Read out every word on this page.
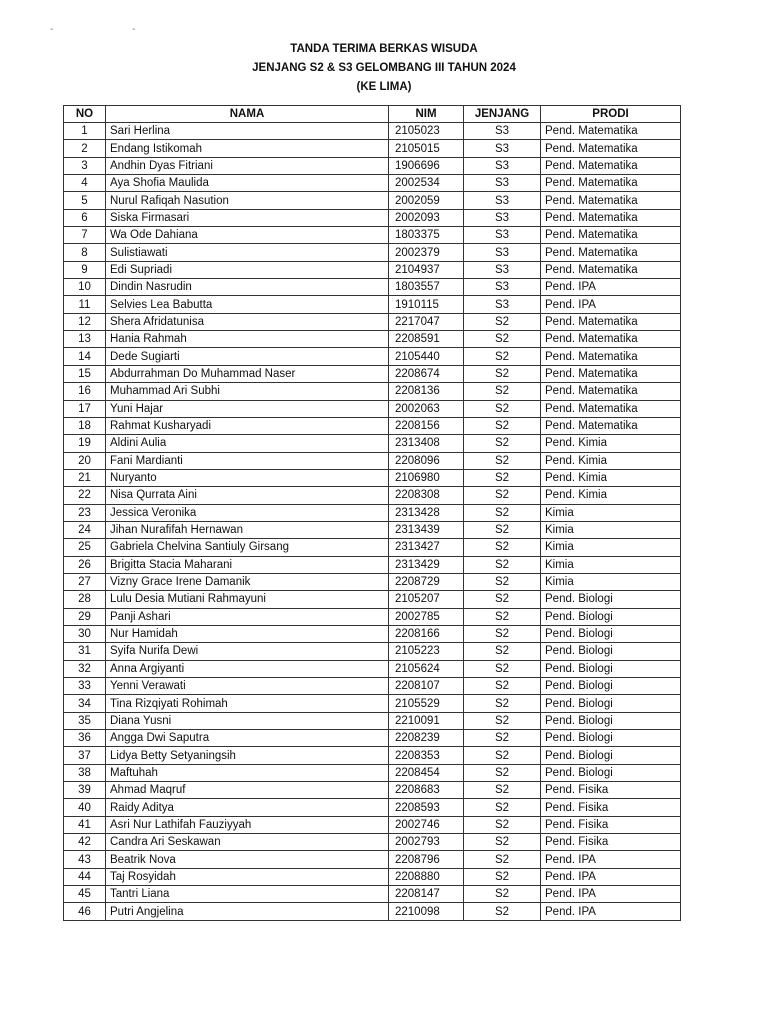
- -
TANDA TERIMA BERKAS WISUDA
JENJANG S2 & S3 GELOMBANG III TAHUN 2024
(KE LIMA)
NO	NAMA	NIM	JENJANG	PRODI
1	Sari Herlina	2105023	S3	Pend. Matematika
2	Endang Istikomah	2105015	S3	Pend. Matematika
3	Andhin Dyas Fitriani	1906696	S3	Pend. Matematika
4	Aya Shofia Maulida	2002534	S3	Pend. Matematika
5	Nurul Rafiqah Nasution	2002059	S3	Pend. Matematika
6	Siska Firmasari	2002093	S3	Pend. Matematika
7	Wa Ode Dahiana	1803375	S3	Pend. Matematika
8	Sulistiawati	2002379	S3	Pend. Matematika
9	Edi Supriadi	2104937	S3	Pend. Matematika
10	Dindin Nasrudin	1803557	S3	Pend. IPA
11	Selvies Lea Babutta	1910115	S3	Pend. IPA
12	Shera Afridatunisa	2217047	S2	Pend. Matematika
13	Hania Rahmah	2208591	S2	Pend. Matematika
14	Dede Sugiarti	2105440	S2	Pend. Matematika
15	Abdurrahman Do Muhammad Naser	2208674	S2	Pend. Matematika
16	Muhammad Ari Subhi	2208136	S2	Pend. Matematika
17	Yuni Hajar	2002063	S2	Pend. Matematika
18	Rahmat Kusharyadi	2208156	S2	Pend. Matematika
19	Aldini Aulia	2313408	S2	Pend. Kimia
20	Fani Mardianti	2208096	S2	Pend. Kimia
21	Nuryanto	2106980	S2	Pend. Kimia
22	Nisa Qurrata Aini	2208308	S2	Pend. Kimia
23	Jessica Veronika	2313428	S2	Kimia
24	Jihan Nurafifah Hernawan	2313439	S2	Kimia
25	Gabriela Chelvina Santiuly Girsang	2313427	S2	Kimia
26	Brigitta Stacia Maharani	2313429	S2	Kimia
27	Vizny Grace Irene Damanik	2208729	S2	Kimia
28	Lulu Desia Mutiani Rahmayuni	2105207	S2	Pend. Biologi
29	Panji Ashari	2002785	S2	Pend. Biologi
30	Nur Hamidah	2208166	S2	Pend. Biologi
31	Syifa Nurifa Dewi	2105223	S2	Pend. Biologi
32	Anna Argiyanti	2105624	S2	Pend. Biologi
33	Yenni Verawati	2208107	S2	Pend. Biologi
34	Tina Rizqiyati Rohimah	2105529	S2	Pend. Biologi
35	Diana Yusni	2210091	S2	Pend. Biologi
36	Angga Dwi Saputra	2208239	S2	Pend. Biologi
37	Lidya Betty Setyaningsih	2208353	S2	Pend. Biologi
38	Maftuhah	2208454	S2	Pend. Biologi
39	Ahmad Maqruf	2208683	S2	Pend. Fisika
40	Raidy Aditya	2208593	S2	Pend. Fisika
41	Asri Nur Lathifah Fauziyyah	2002746	S2	Pend. Fisika
42	Candra Ari Seskawan	2002793	S2	Pend. Fisika
43	Beatrik Nova	2208796	S2	Pend. IPA
44	Taj Rosyidah	2208880	S2	Pend. IPA
45	Tantri Liana	2208147	S2	Pend. IPA
46	Putri Angjelina	2210098	S2	Pend. IPA
